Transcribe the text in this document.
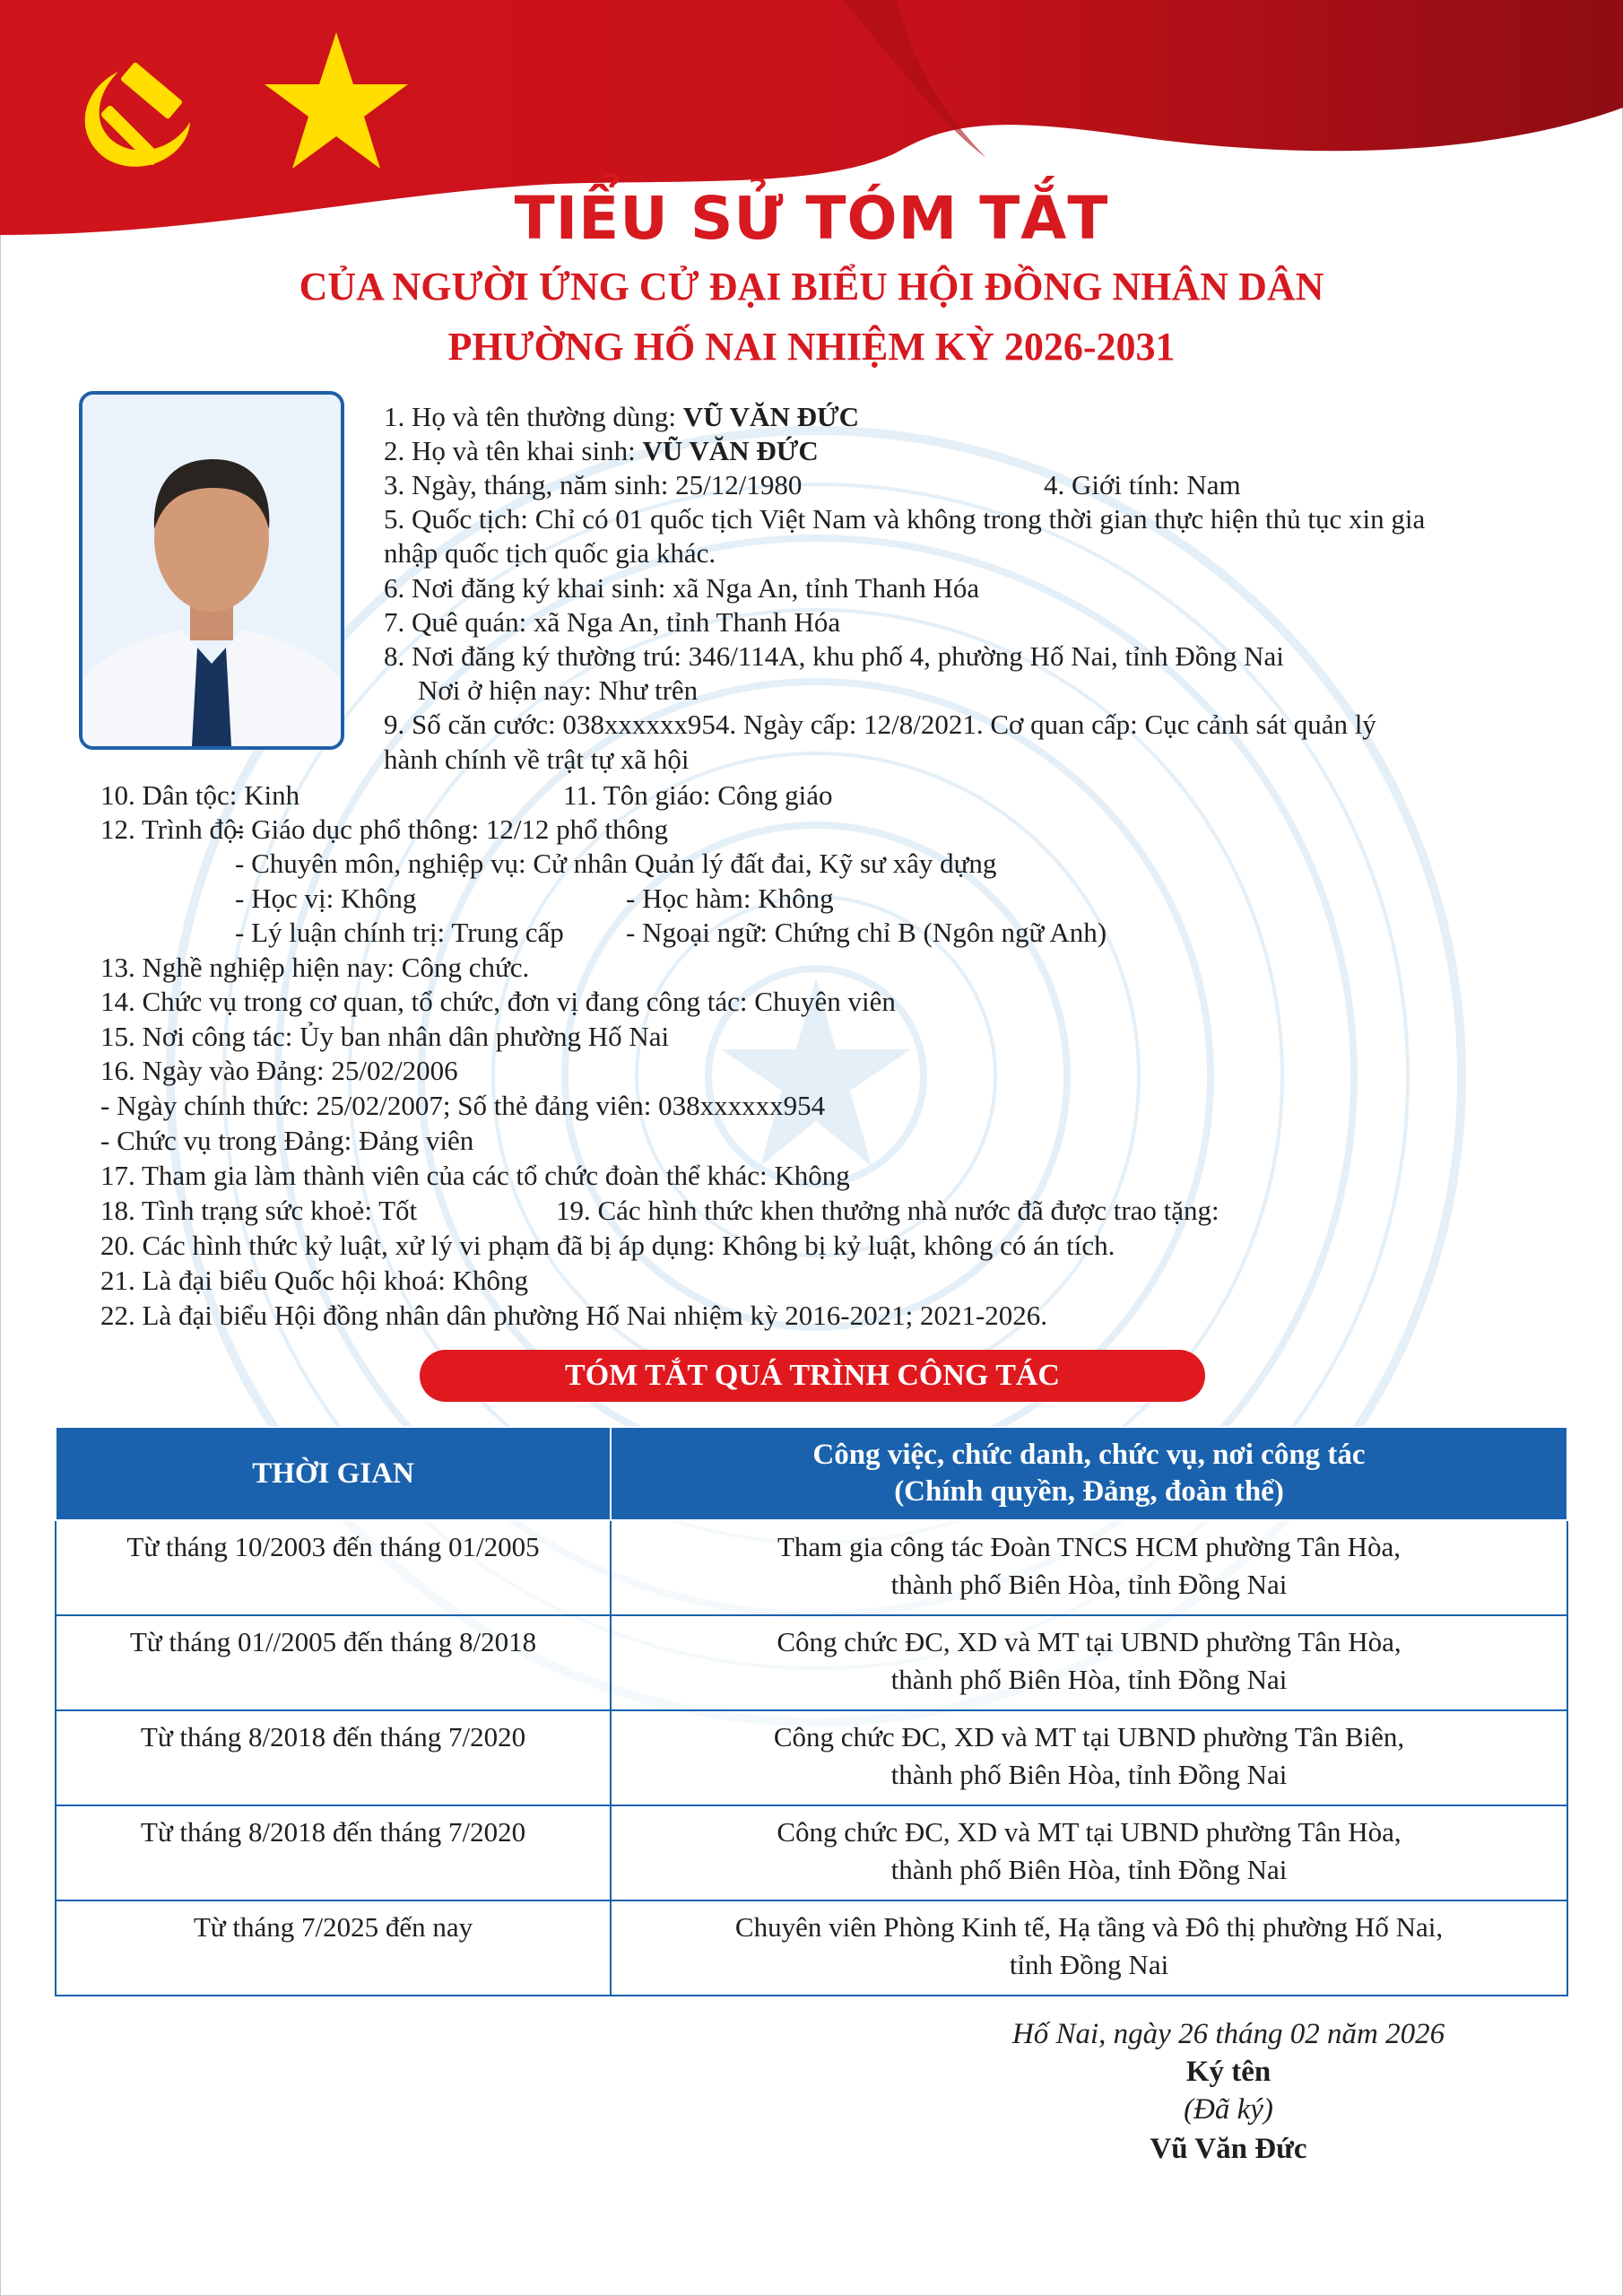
TIỂU SỬ TÓM TẮT
CỦA NGƯỜI ỨNG CỬ ĐẠI BIỂU HỘI ĐỒNG NHÂN DÂN
PHƯỜNG HỐ NAI NHIỆM KỲ 2026-2031
1. Họ và tên thường dùng: VŨ VĂN ĐỨC
2. Họ và tên khai sinh: VŨ VĂN ĐỨC
3. Ngày, tháng, năm sinh: 25/12/1980	4. Giới tính: Nam
5. Quốc tịch: Chỉ có 01 quốc tịch Việt Nam và không trong thời gian thực hiện thủ tục xin gia
nhập quốc tịch quốc gia khác.
6. Nơi đăng ký khai sinh: xã Nga An, tỉnh Thanh Hóa
7. Quê quán: xã Nga An, tỉnh Thanh Hóa
8. Nơi đăng ký thường trú: 346/114A, khu phố 4, phường Hố Nai, tỉnh Đồng Nai
Nơi ở hiện nay: Như trên
9. Số căn cước: 038xxxxxx954. Ngày cấp: 12/8/2021. Cơ quan cấp: Cục cảnh sát quản lý
hành chính về trật tự xã hội
10. Dân tộc: Kinh	11. Tôn giáo: Công giáo
12. Trình độ:
- Giáo dục phổ thông: 12/12 phổ thông
- Chuyên môn, nghiệp vụ: Cử nhân Quản lý đất đai, Kỹ sư xây dựng
- Học vị: Không	- Học hàm: Không
- Lý luận chính trị: Trung cấp - Ngoại ngữ: Chứng chỉ B (Ngôn ngữ Anh)
13. Nghề nghiệp hiện nay: Công chức.
14. Chức vụ trong cơ quan, tổ chức, đơn vị đang công tác: Chuyên viên
15. Nơi công tác: Ủy ban nhân dân phường Hố Nai
16. Ngày vào Đảng: 25/02/2006
- Ngày chính thức: 25/02/2007; Số thẻ đảng viên: 038xxxxxx954
- Chức vụ trong Đảng: Đảng viên
17. Tham gia làm thành viên của các tổ chức đoàn thể khác: Không
18. Tình trạng sức khoẻ: Tốt	19. Các hình thức khen thưởng nhà nước đã được trao tặng:
20. Các hình thức kỷ luật, xử lý vi phạm đã bị áp dụng: Không bị kỷ luật, không có án tích.
21. Là đại biểu Quốc hội khoá: Không
22. Là đại biểu Hội đồng nhân dân phường Hố Nai nhiệm kỳ 2016-2021; 2021-2026.
TÓM TẮT QUÁ TRÌNH CÔNG TÁC
THỜI GIAN	Công việc, chức danh, chức vụ, nơi công tác
(Chính quyền, Đảng, đoàn thể)

Từ tháng 10/2003 đến tháng 01/2005	Tham gia công tác Đoàn TNCS HCM phường Tân Hòa,
thành phố Biên Hòa, tỉnh Đồng Nai

Từ tháng 01//2005 đến tháng 8/2018	Công chức ĐC, XD và MT tại UBND phường Tân Hòa,
thành phố Biên Hòa, tỉnh Đồng Nai

Từ tháng 8/2018 đến tháng 7/2020	Công chức ĐC, XD và MT tại UBND phường Tân Biên,
thành phố Biên Hòa, tỉnh Đồng Nai

Từ tháng 8/2018 đến tháng 7/2020	Công chức ĐC, XD và MT tại UBND phường Tân Hòa,
thành phố Biên Hòa, tỉnh Đồng Nai

Từ tháng 7/2025 đến nay	Chuyên viên Phòng Kinh tế, Hạ tầng và Đô thị phường Hố Nai,
tỉnh Đồng Nai
Hố Nai, ngày 26 tháng 02 năm 2026
Ký tên
(Đã ký)
Vũ Văn Đức
